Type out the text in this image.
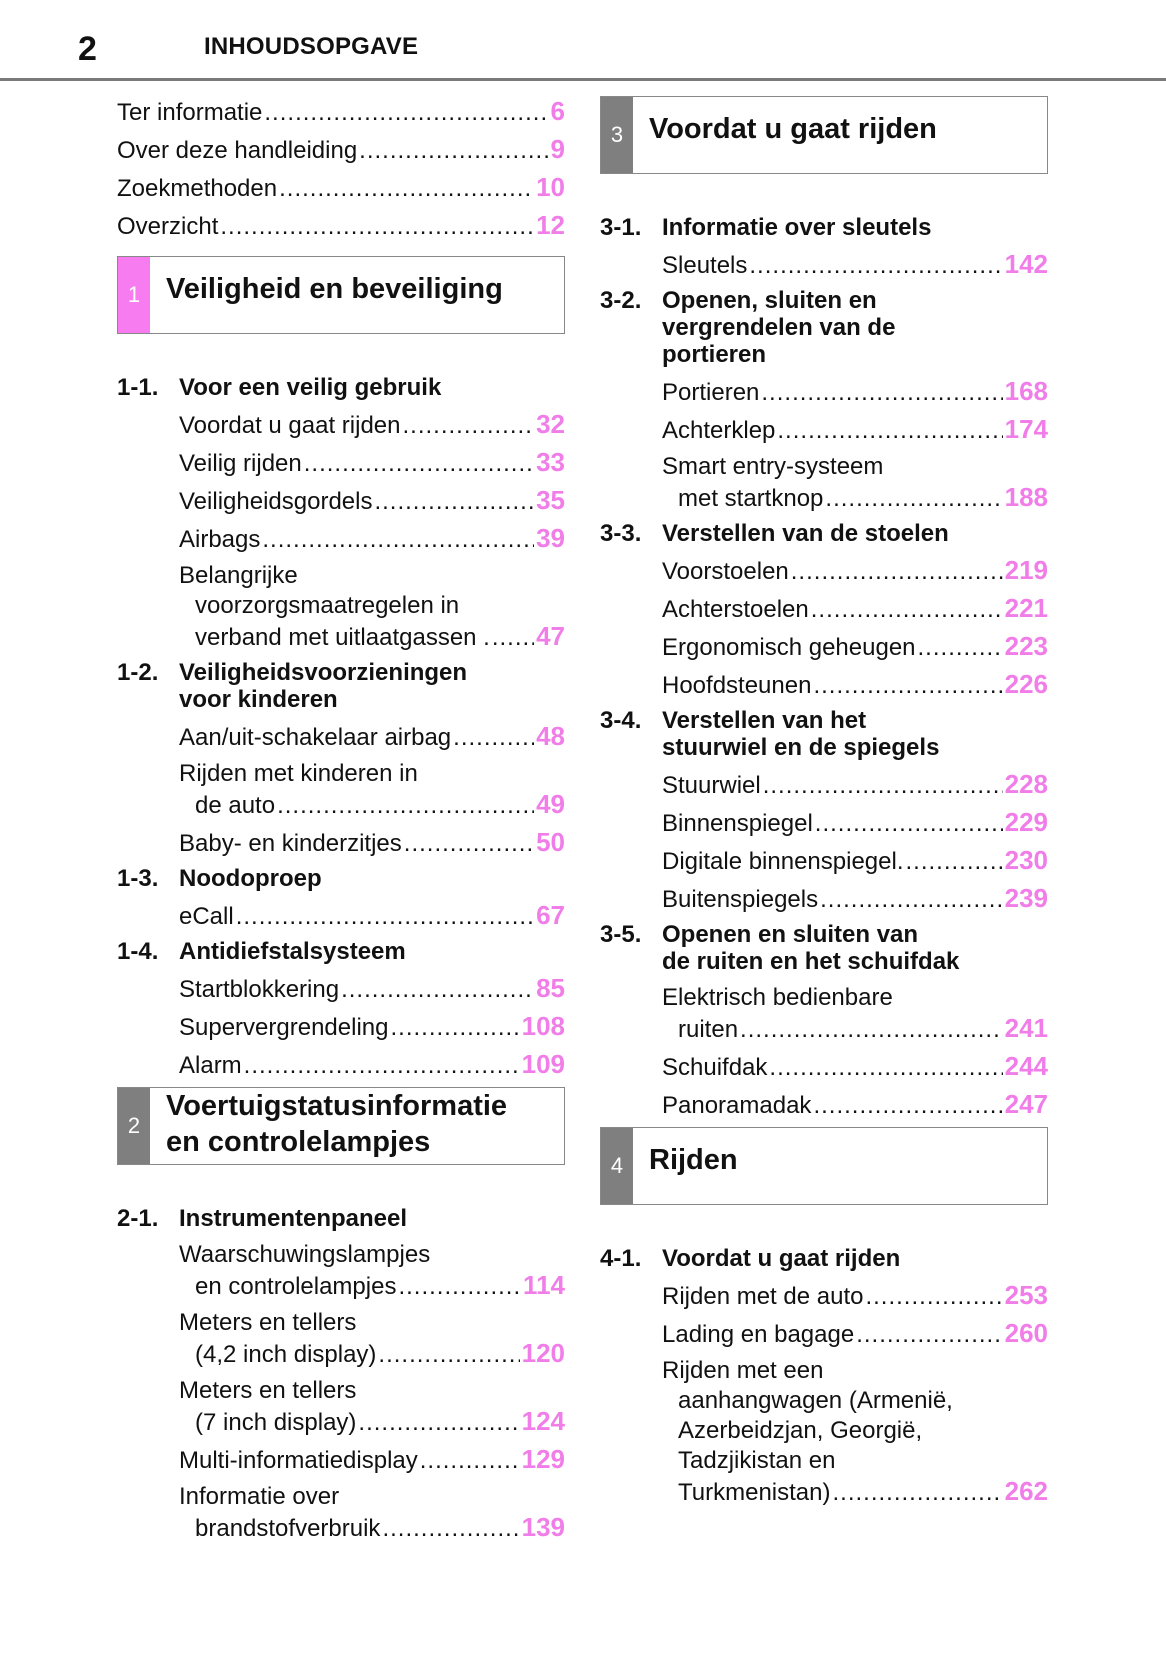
2	INHOUDSOPGAVE
Ter informatie .....	6
Over deze handleiding .....	9
Zoekmethoden .....	10
Overzicht .....	12
1 Veiligheid en beveiliging
1-1. Voor een veilig gebruik
Voordat u gaat rijden .....	32
Veilig rijden .....	33
Veiligheidsgordels .....	35
Airbags .....	39
Belangrijke
voorzorgsmaatregelen in
verband met uitlaatgassen . ..... 47
1-2. Veiligheidsvoorzieningen
voor kinderen
Aan/uit-schakelaar airbag .....	48
Rijden met kinderen in
de auto .....	49
Baby- en kinderzitjes .....	50
1-3. Noodoproep
eCall .....	67
1-4. Antidiefstalsysteem
Startblokkering .....	85
Supervergrendeling .....	108
Alarm .....	109
2
Voertuigstatusinformatie
en controlelampjes
2-1. Instrumentenpaneel
Waarschuwingslampjes
en controlelampjes .....	114
Meters en tellers
(4,2 inch display) .....	120
Meters en tellers
(7 inch display) .....	124
Multi-informatiedisplay .....	129
Informatie over
brandstofverbruik .....	139
3 Voordat u gaat rijden
3-1. Informatie over sleutels
Sleutels .....	142
3-2. Openen, sluiten en
vergrendelen van de
portieren
Portieren .....	168
Achterklep .....	174
Smart entry-systeem
met startknop .....	188
3-3. Verstellen van de stoelen
Voorstoelen .....	219
Achterstoelen .....	221
Ergonomisch geheugen .....	223
Hoofdsteunen .....	226
3-4. Verstellen van het
stuurwiel en de spiegels
Stuurwiel .....	228
Binnenspiegel .....	229
Digitale binnenspiegel. .....	230
Buitenspiegels .....	239
3-5. Openen en sluiten van
de ruiten en het schuifdak
Elektrisch bedienbare
ruiten .....	241
Schuifdak .....	244
Panoramadak .....	247
4 Rijden
4-1. Voordat u gaat rijden
Rijden met de auto .....	253
Lading en bagage .....	260
Rijden met een
aanhangwagen (Armenië,
Azerbeidzjan, Georgië,
Tadzjikistan en
Turkmenistan) .....	262
